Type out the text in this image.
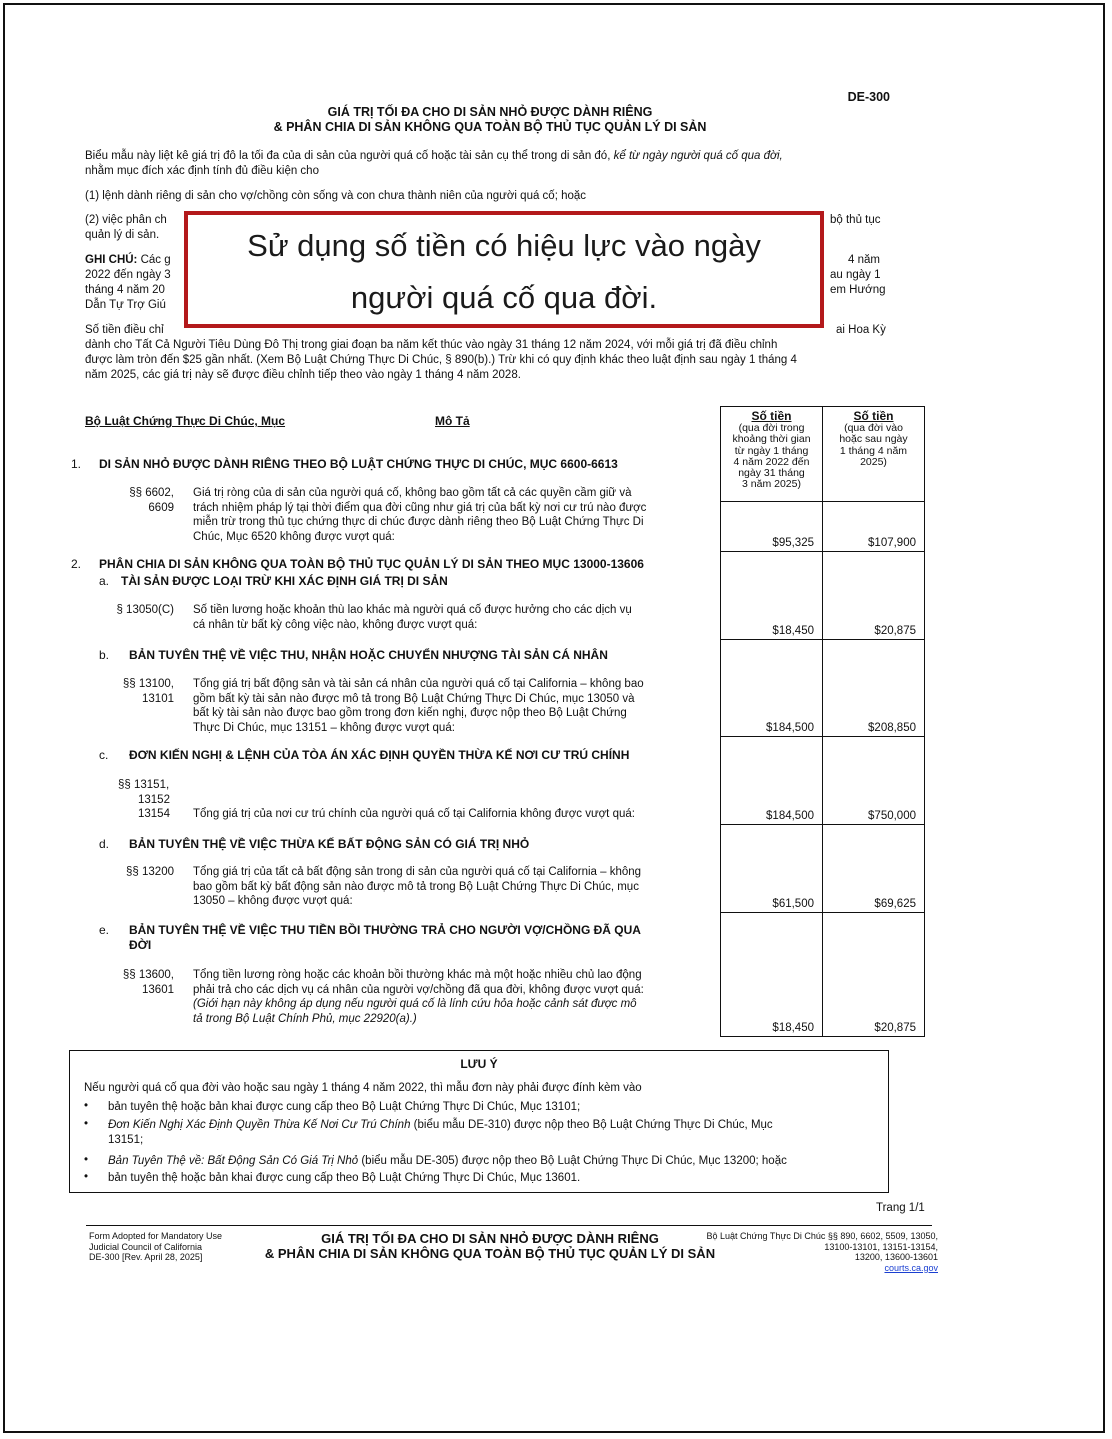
DE-300
GIÁ TRỊ TỐI ĐA CHO DI SẢN NHỎ ĐƯỢC DÀNH RIÊNG
& PHÂN CHIA DI SẢN KHÔNG QUA TOÀN BỘ THỦ TỤC QUẢN LÝ DI SẢN
Biểu mẫu này liệt kê giá trị đô la tối đa của di sản của người quá cố hoặc tài sản cụ thể trong di sản đó, kể từ ngày người quá cố qua đời,
nhằm mục đích xác định tính đủ điều kiện cho
(1) lệnh dành riêng di sản cho vợ/chồng còn sống và con chưa thành niên của người quá cố; hoặc
(2) việc phân ch	bộ thủ tục
quản lý di sản.
GHI CHÚ: Các g	4 năm
2022 đến ngày 3	au ngày 1
tháng 4 năm 20	em Hướng
Dẫn Tự Trợ Giú
Số tiền điều chỉ	ai Hoa Kỳ
dành cho Tất Cả Người Tiêu Dùng Đô Thị trong giai đoạn ba năm kết thúc vào ngày 31 tháng 12 năm 2024, với mỗi giá trị đã điều chỉnh
được làm tròn đến $25 gần nhất. (Xem Bộ Luật Chứng Thực Di Chúc, § 890(b).) Trừ khi có quy định khác theo luật định sau ngày 1 tháng 4
năm 2025, các giá trị này sẽ được điều chỉnh tiếp theo vào ngày 1 tháng 4 năm 2028.
Sử dụng số tiền có hiệu lực vào ngày
người quá cố qua đời.
Bộ Luật Chứng Thực Di Chúc, Mục	Mô Tả	Số tiền
(qua đời trong
khoảng thời gian
từ ngày 1 tháng
4 năm 2022 đến
ngày 31 tháng
3 năm 2025)
Số tiền
(qua đời vào
hoặc sau ngày
1 tháng 4 năm
2025)
1. DI SẢN NHỎ ĐƯỢC DÀNH RIÊNG THEO BỘ LUẬT CHỨNG THỰC DI CHÚC, MỤC 6600-6613
§§ 6602,
6609
Giá trị ròng của di sản của người quá cố, không bao gồm tất cả các quyền cầm giữ và
trách nhiệm pháp lý tại thời điểm qua đời cũng như giá trị của bất kỳ nơi cư trú nào được
miễn trừ trong thủ tục chứng thực di chúc được dành riêng theo Bộ Luật Chứng Thực Di
Chúc, Mục 6520 không được vượt quá:
$95,325	$107,900
2. PHÂN CHIA DI SẢN KHÔNG QUA TOÀN BỘ THỦ TỤC QUẢN LÝ DI SẢN THEO MỤC 13000-13606
a. TÀI SẢN ĐƯỢC LOẠI TRỪ KHI XÁC ĐỊNH GIÁ TRỊ DI SẢN
§ 13050(C) Số tiền lương hoặc khoản thù lao khác mà người quá cố được hưởng cho các dịch vụ
cá nhân từ bất kỳ công việc nào, không được vượt quá:
$18,450	$20,875
b. BẢN TUYÊN THỆ VỀ VIỆC THU, NHẬN HOẶC CHUYỂN NHƯỢNG TÀI SẢN CÁ NHÂN
§§ 13100,
13101
Tổng giá trị bất động sản và tài sản cá nhân của người quá cố tại California – không bao
gồm bất kỳ tài sản nào được mô tả trong Bộ Luật Chứng Thực Di Chúc, mục 13050 và
bất kỳ tài sản nào được bao gồm trong đơn kiến nghị, được nộp theo Bộ Luật Chứng
Thực Di Chúc, mục 13151 – không được vượt quá:	$184,500	$208,850
c. ĐƠN KIẾN NGHỊ & LỆNH CỦA TÒA ÁN XÁC ĐỊNH QUYỀN THỪA KẾ NƠI CƯ TRÚ CHÍNH
§§ 13151,
13152
13154	Tổng giá trị của nơi cư trú chính của người quá cố tại California không được vượt quá:	$184,500	$750,000
d. BẢN TUYÊN THỆ VỀ VIỆC THỪA KẾ BẤT ĐỘNG SẢN CÓ GIÁ TRỊ NHỎ
§§ 13200 Tổng giá trị của tất cả bất động sản trong di sản của người quá cố tại California – không
bao gồm bất kỳ bất động sản nào được mô tả trong Bộ Luật Chứng Thực Di Chúc, mục
13050 – không được vượt quá:	$61,500	$69,625
e. BẢN TUYÊN THỆ VỀ VIỆC THU TIỀN BỒI THƯỜNG TRẢ CHO NGƯỜI VỢ/CHỒNG ĐÃ QUA
ĐỜI
§§ 13600,
13601
Tổng tiền lương ròng hoặc các khoản bồi thường khác mà một hoặc nhiều chủ lao động
phải trả cho các dịch vụ cá nhân của người vợ/chồng đã qua đời, không được vượt quá:
(Giới hạn này không áp dụng nếu người quá cố là lính cứu hỏa hoặc cảnh sát được mô
tả trong Bộ Luật Chính Phủ, mục 22920(a).)
$18,450	$20,875
LƯU Ý
Nếu người quá cố qua đời vào hoặc sau ngày 1 tháng 4 năm 2022, thì mẫu đơn này phải được đính kèm vào
• bản tuyên thệ hoặc bản khai được cung cấp theo Bộ Luật Chứng Thực Di Chúc, Mục 13101;
• Đơn Kiến Nghị Xác Định Quyền Thừa Kế Nơi Cư Trú Chính (biểu mẫu DE-310) được nộp theo Bộ Luật Chứng Thực Di Chúc, Mục
13151;
• Bản Tuyên Thệ về: Bất Động Sản Có Giá Trị Nhỏ (biểu mẫu DE-305) được nộp theo Bộ Luật Chứng Thực Di Chúc, Mục 13200; hoặc
• bản tuyên thệ hoặc bản khai được cung cấp theo Bộ Luật Chứng Thực Di Chúc, Mục 13601.
Trang 1/1
Form Adopted for Mandatory Use
Judicial Council of California
DE-300 [Rev. April 28, 2025]
GIÁ TRỊ TỐI ĐA CHO DI SẢN NHỎ ĐƯỢC DÀNH RIÊNG
& PHÂN CHIA DI SẢN KHÔNG QUA TOÀN BỘ THỦ TỤC QUẢN LÝ DI SẢN
Bộ Luật Chứng Thực Di Chúc §§ 890, 6602, 5509, 13050,
13100-13101, 13151-13154,
13200, 13600-13601
courts.ca.gov
